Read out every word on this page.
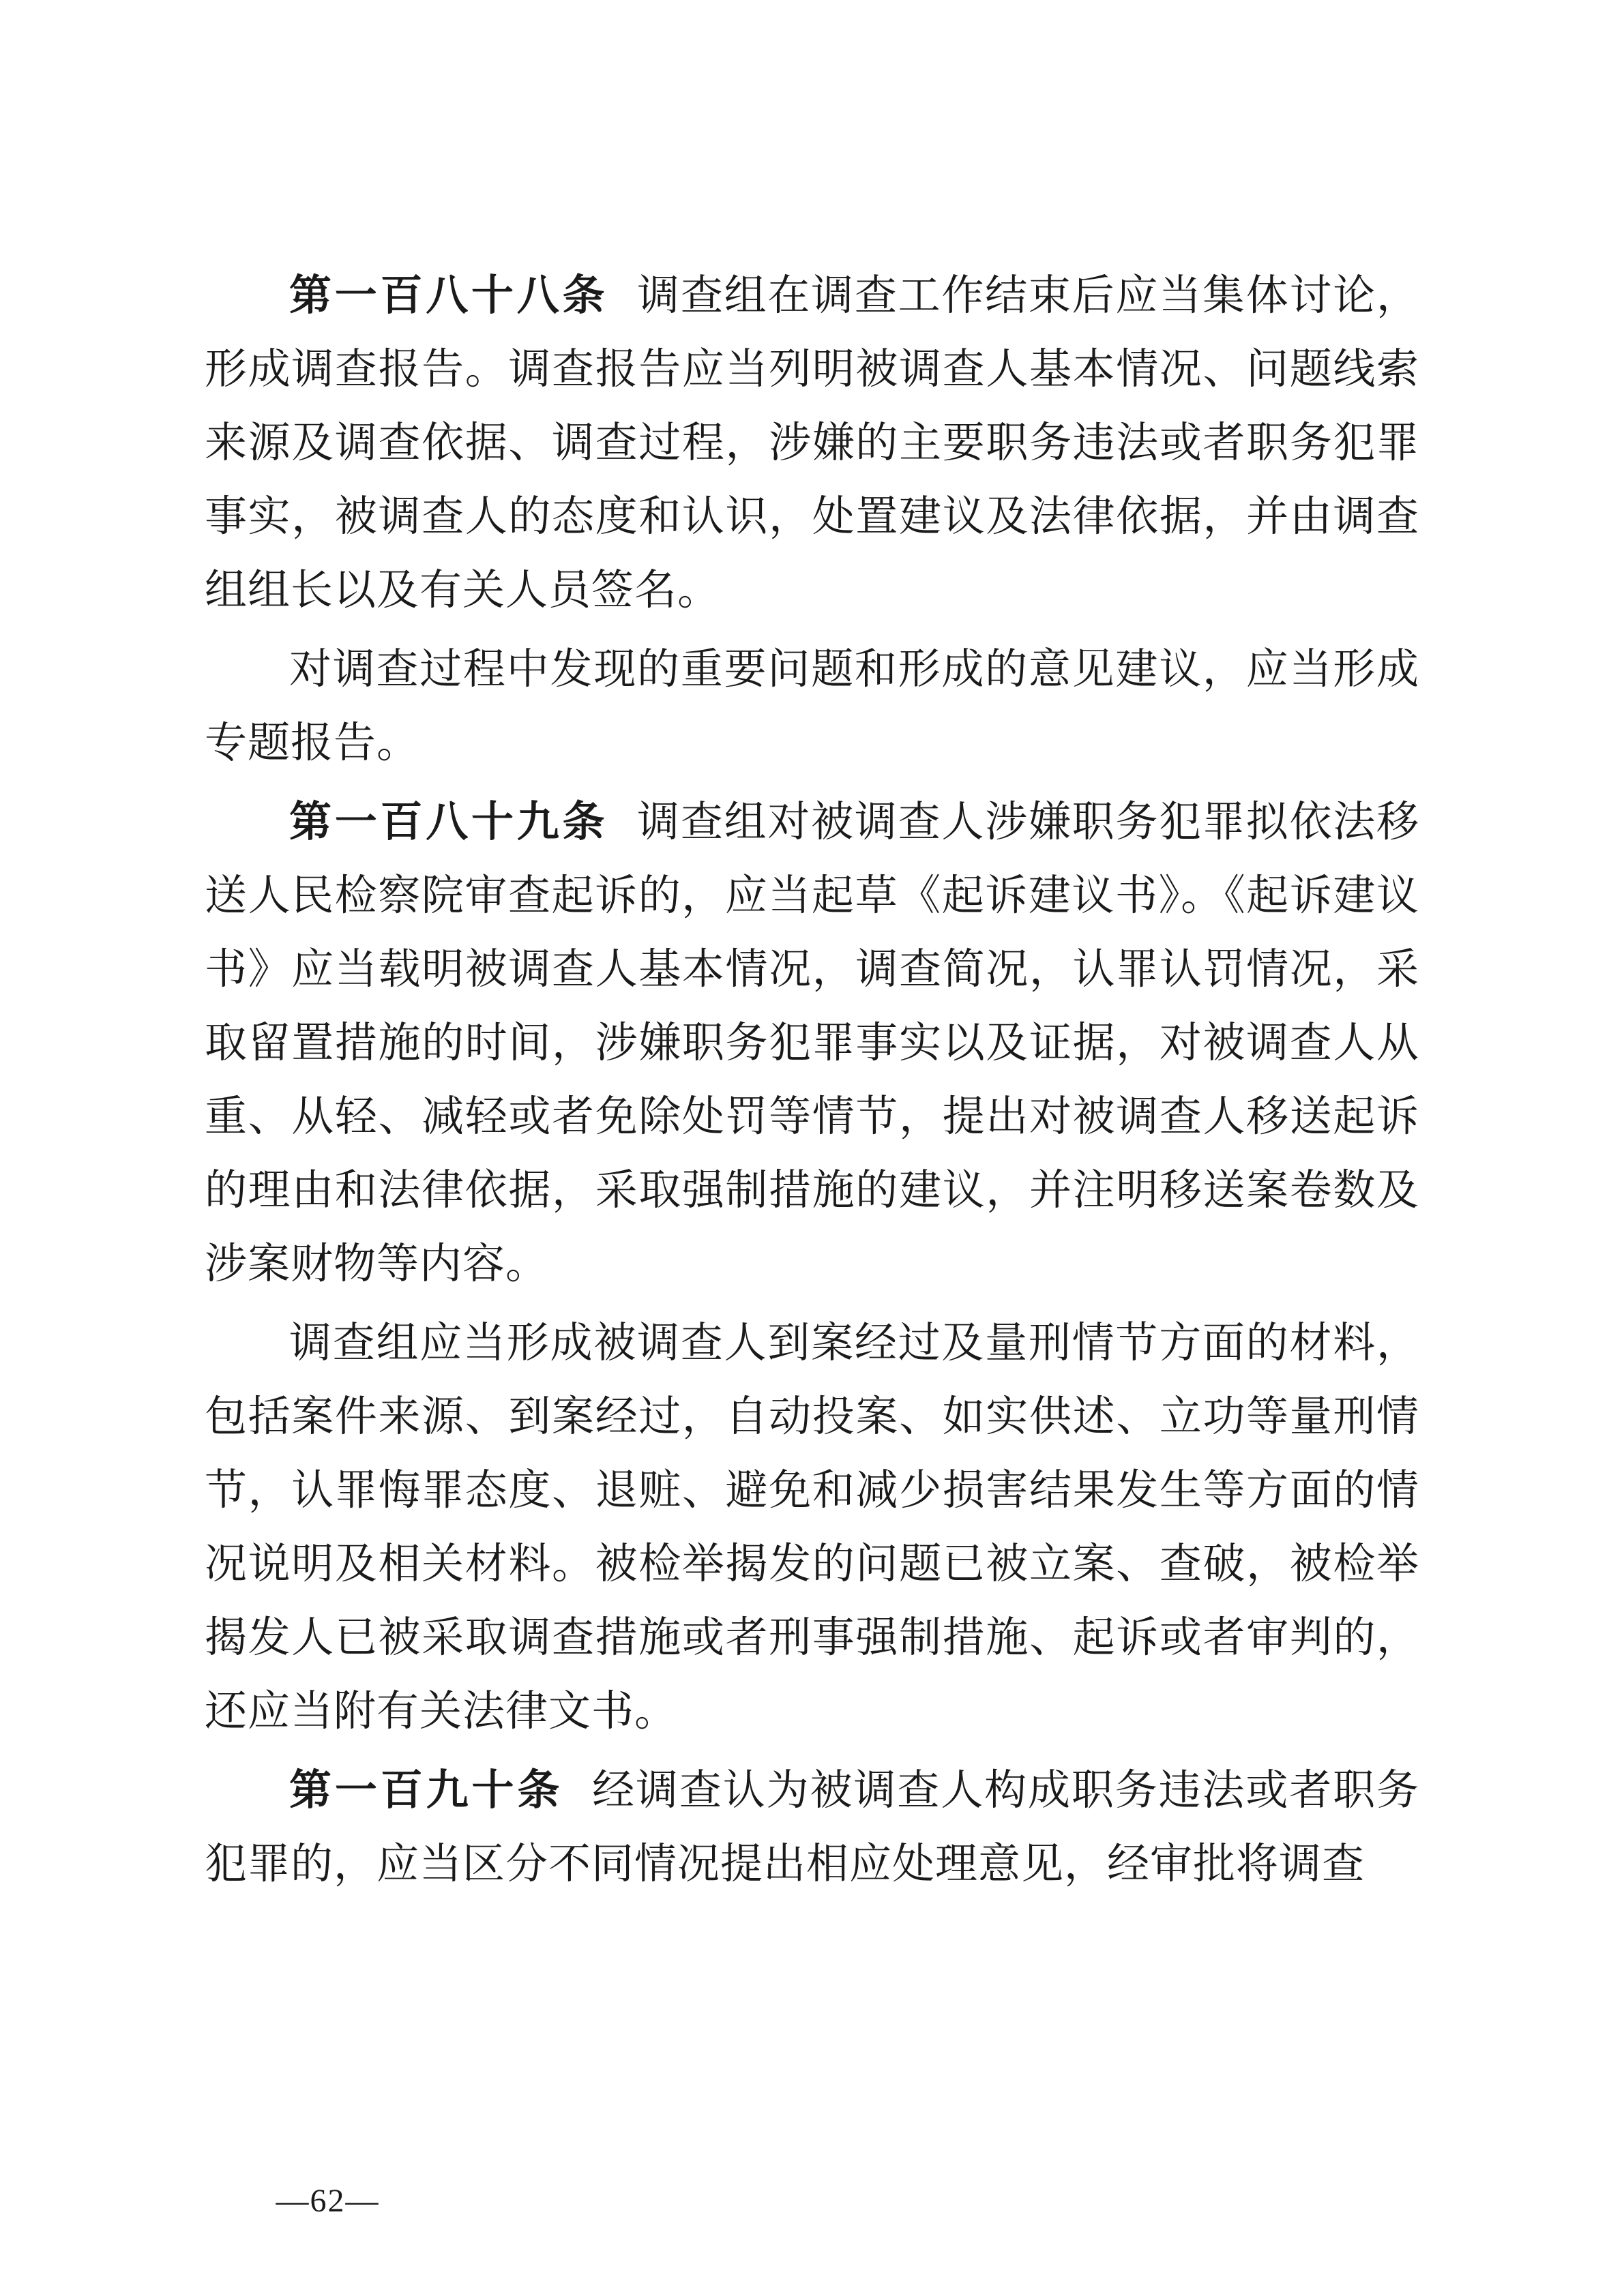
第一百八十八条 调查组在调查工作结束后应当集体讨论，形成调查报告。调查报告应当列明被调查人基本情况、问题线索来源及调查依据、调查过程，涉嫌的主要职务违法或者职务犯罪事实，被调查人的态度和认识，处置建议及法律依据，并由调查组组长以及有关人员签名。

对调查过程中发现的重要问题和形成的意见建议，应当形成专题报告。

第一百八十九条 调查组对被调查人涉嫌职务犯罪拟依法移送人民检察院审查起诉的，应当起草《起诉建议书》。《起诉建议书》应当载明被调查人基本情况，调查简况，认罪认罚情况，采取留置措施的时间，涉嫌职务犯罪事实以及证据，对被调查人从重、从轻、减轻或者免除处罚等情节，提出对被调查人移送起诉的理由和法律依据，采取强制措施的建议，并注明移送案卷数及涉案财物等内容。

调查组应当形成被调查人到案经过及量刑情节方面的材料，包括案件来源、到案经过，自动投案、如实供述、立功等量刑情节，认罪悔罪态度、退赃、避免和减少损害结果发生等方面的情况说明及相关材料。被检举揭发的问题已被立案、查破，被检举揭发人已被采取调查措施或者刑事强制措施、起诉或者审判的，还应当附有关法律文书。

第一百九十条 经调查认为被调查人构成职务违法或者职务犯罪的，应当区分不同情况提出相应处理意见，经审批将调查

—62—
